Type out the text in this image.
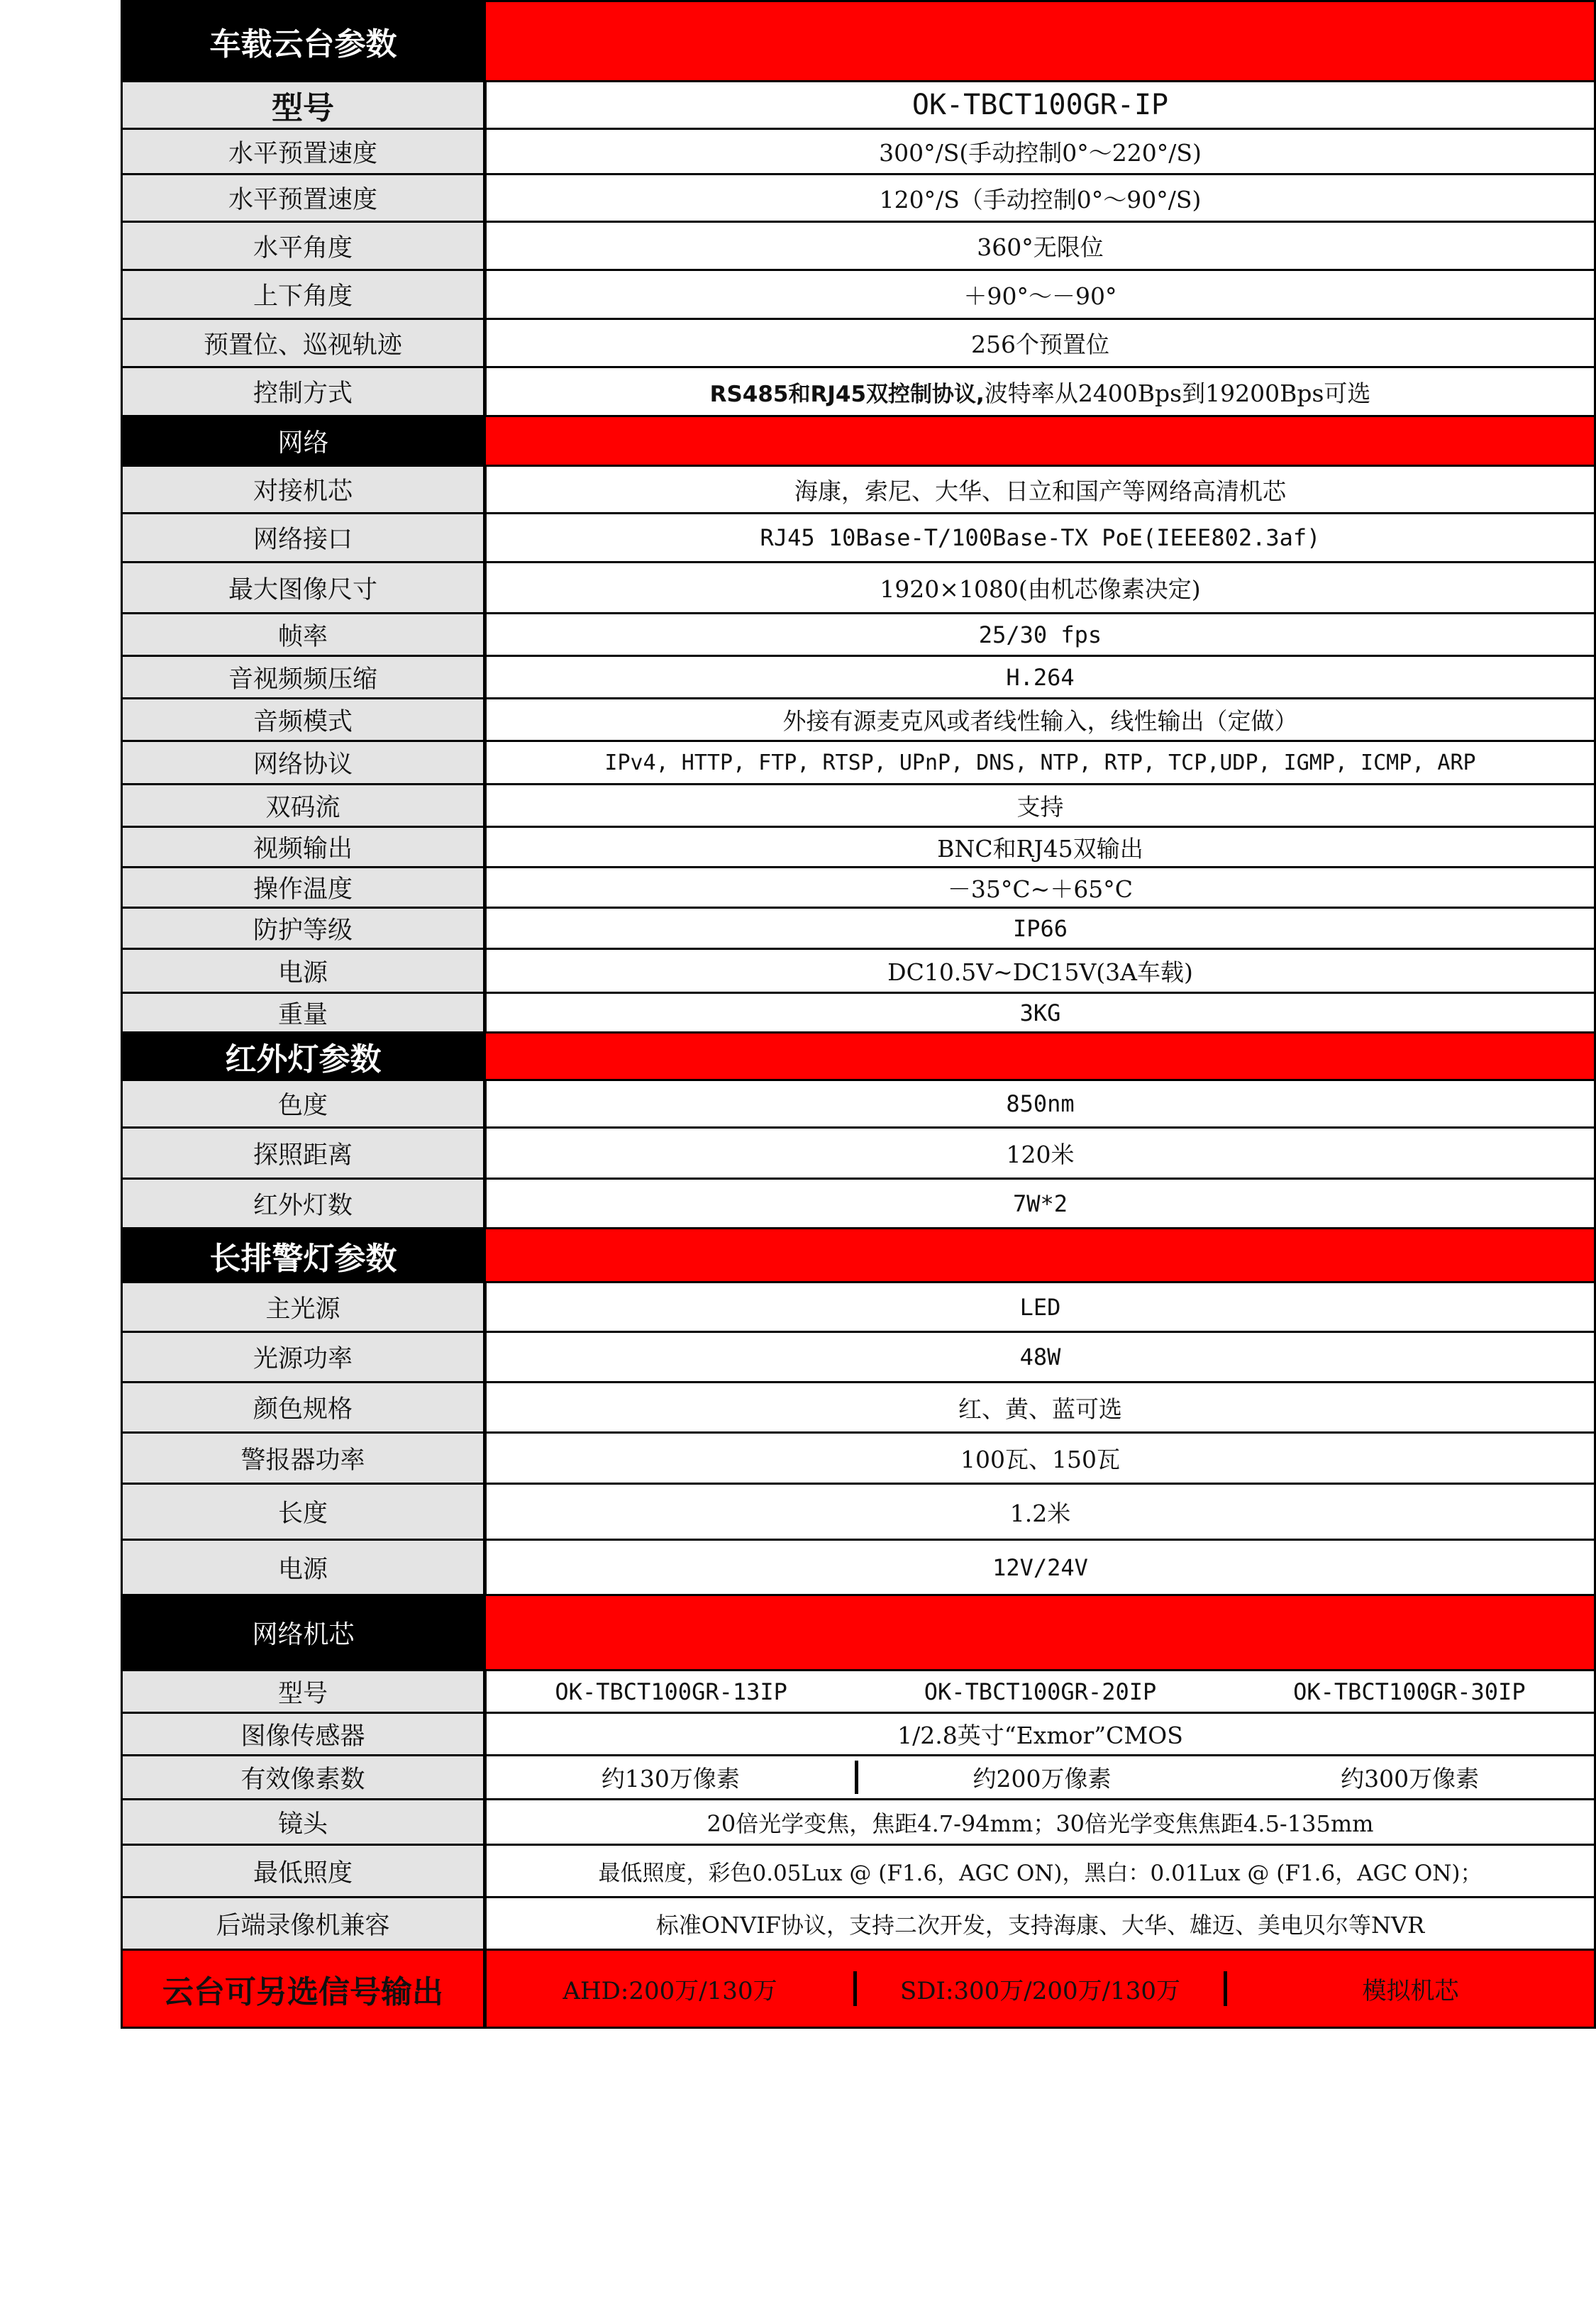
车载云台参数	
型号	OK-TBCT100GR-IP
水平预置速度	300°/S(手动控制0°～220°/S)
水平预置速度	120°/S（手动控制0°～90°/S)
水平角度	360°无限位
上下角度	＋90°～－90°
预置位、巡视轨迹	256个预置位
控制方式	RS485和RJ45双控制协议,波特率从2400Bps到19200Bps可选
网络	
对接机芯	海康，索尼、大华、日立和国产等网络高清机芯
网络接口	RJ45 10Base-T/100Base-TX PoE(IEEE802.3af)
最大图像尺寸	1920×1080(由机芯像素决定)
帧率	25/30 fps
音视频频压缩	H.264
音频模式	外接有源麦克风或者线性输入，线性输出（定做）
网络协议	IPv4, HTTP, FTP, RTSP, UPnP, DNS, NTP, RTP, TCP,UDP, IGMP, ICMP, ARP
双码流	支持
视频输出	BNC和RJ45双输出
操作温度	－35°C~＋65°C
防护等级	IP66
电源	DC10.5V~DC15V(3A车载)
重量	3KG
红外灯参数	
色度	850nm
探照距离	120米
红外灯数	7W*2
长排警灯参数	
主光源	LED
光源功率	48W
颜色规格	红、黄、蓝可选
警报器功率	100瓦、150瓦
长度	1.2米
电源	12V/24V
网络机芯	
型号	OK-TBCT100GR-13IP OK-TBCT100GR-20IP OK-TBCT100GR-30IP

图像传感器	1/2.8英寸“Exmor”CMOS
有效像素数	约130万像素 约200万像素 约300万像素

镜头	20倍光学变焦，焦距4.7-94mm；30倍光学变焦焦距4.5-135mm
最低照度	最低照度，彩色0.05Lux @ (F1.6，AGC ON)，黑白：0.01Lux @ (F1.6，AGC ON)；
后端录像机兼容	标准ONVIF协议，支持二次开发，支持海康、大华、雄迈、美电贝尔等NVR
云台可另选信号输出	AHD:200万/130万 SDI:300万/200万/130万 模拟机芯
